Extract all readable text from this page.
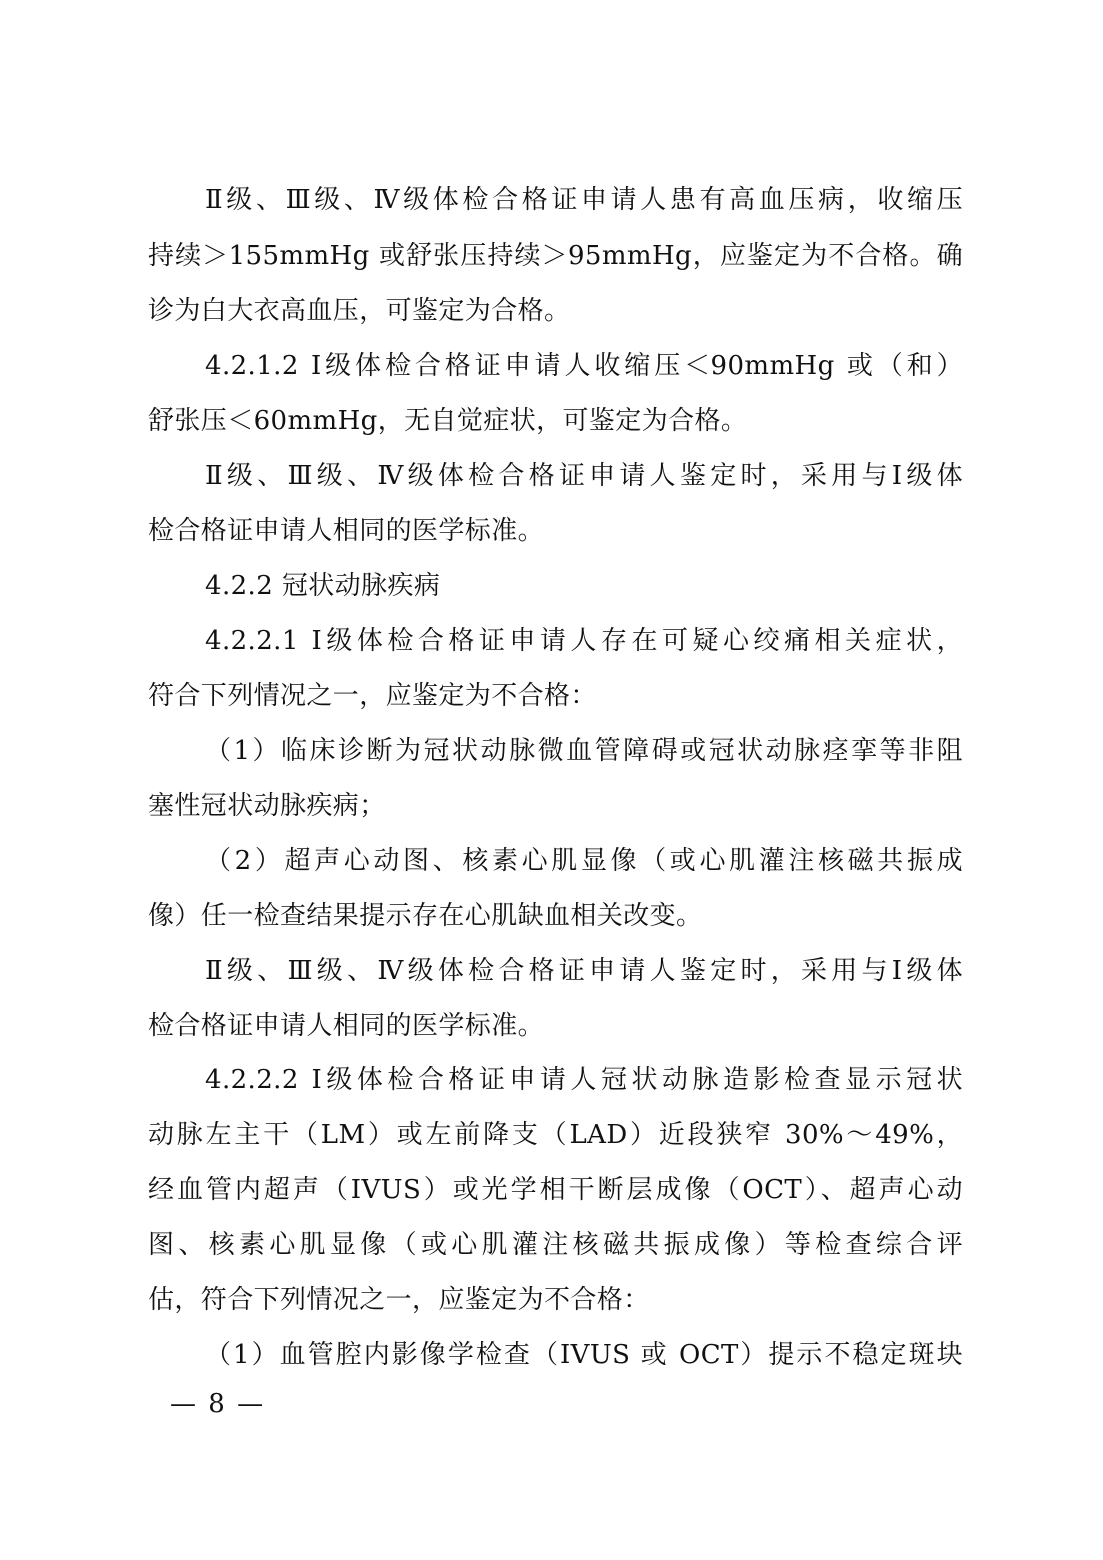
Ⅱ级、Ⅲ级、Ⅳ级体检合格证申请人患有高血压病，收缩压
持续＞155mmHg 或舒张压持续＞95mmHg，应鉴定为不合格。确
诊为白大衣高血压，可鉴定为合格。
4.2.1.2 Ⅰ级体检合格证申请人收缩压＜90mmHg 或（和）
舒张压＜60mmHg，无自觉症状，可鉴定为合格。
Ⅱ级、Ⅲ级、Ⅳ级体检合格证申请人鉴定时，采用与Ⅰ级体
检合格证申请人相同的医学标准。
4.2.2 冠状动脉疾病
4.2.2.1 Ⅰ级体检合格证申请人存在可疑心绞痛相关症状，
符合下列情况之一，应鉴定为不合格：
（1）临床诊断为冠状动脉微血管障碍或冠状动脉痉挛等非阻
塞性冠状动脉疾病；
（2）超声心动图、核素心肌显像（或心肌灌注核磁共振成
像）任一检查结果提示存在心肌缺血相关改变。
Ⅱ级、Ⅲ级、Ⅳ级体检合格证申请人鉴定时，采用与Ⅰ级体
检合格证申请人相同的医学标准。
4.2.2.2 Ⅰ级体检合格证申请人冠状动脉造影检查显示冠状
动脉左主干（LM）或左前降支（LAD）近段狭窄 30%～49%，
经血管内超声（IVUS）或光学相干断层成像（OCT）、超声心动
图、核素心肌显像（或心肌灌注核磁共振成像）等检查综合评
估，符合下列情况之一，应鉴定为不合格：
（1）血管腔内影像学检查（IVUS 或 OCT）提示不稳定斑块
— 8 —
